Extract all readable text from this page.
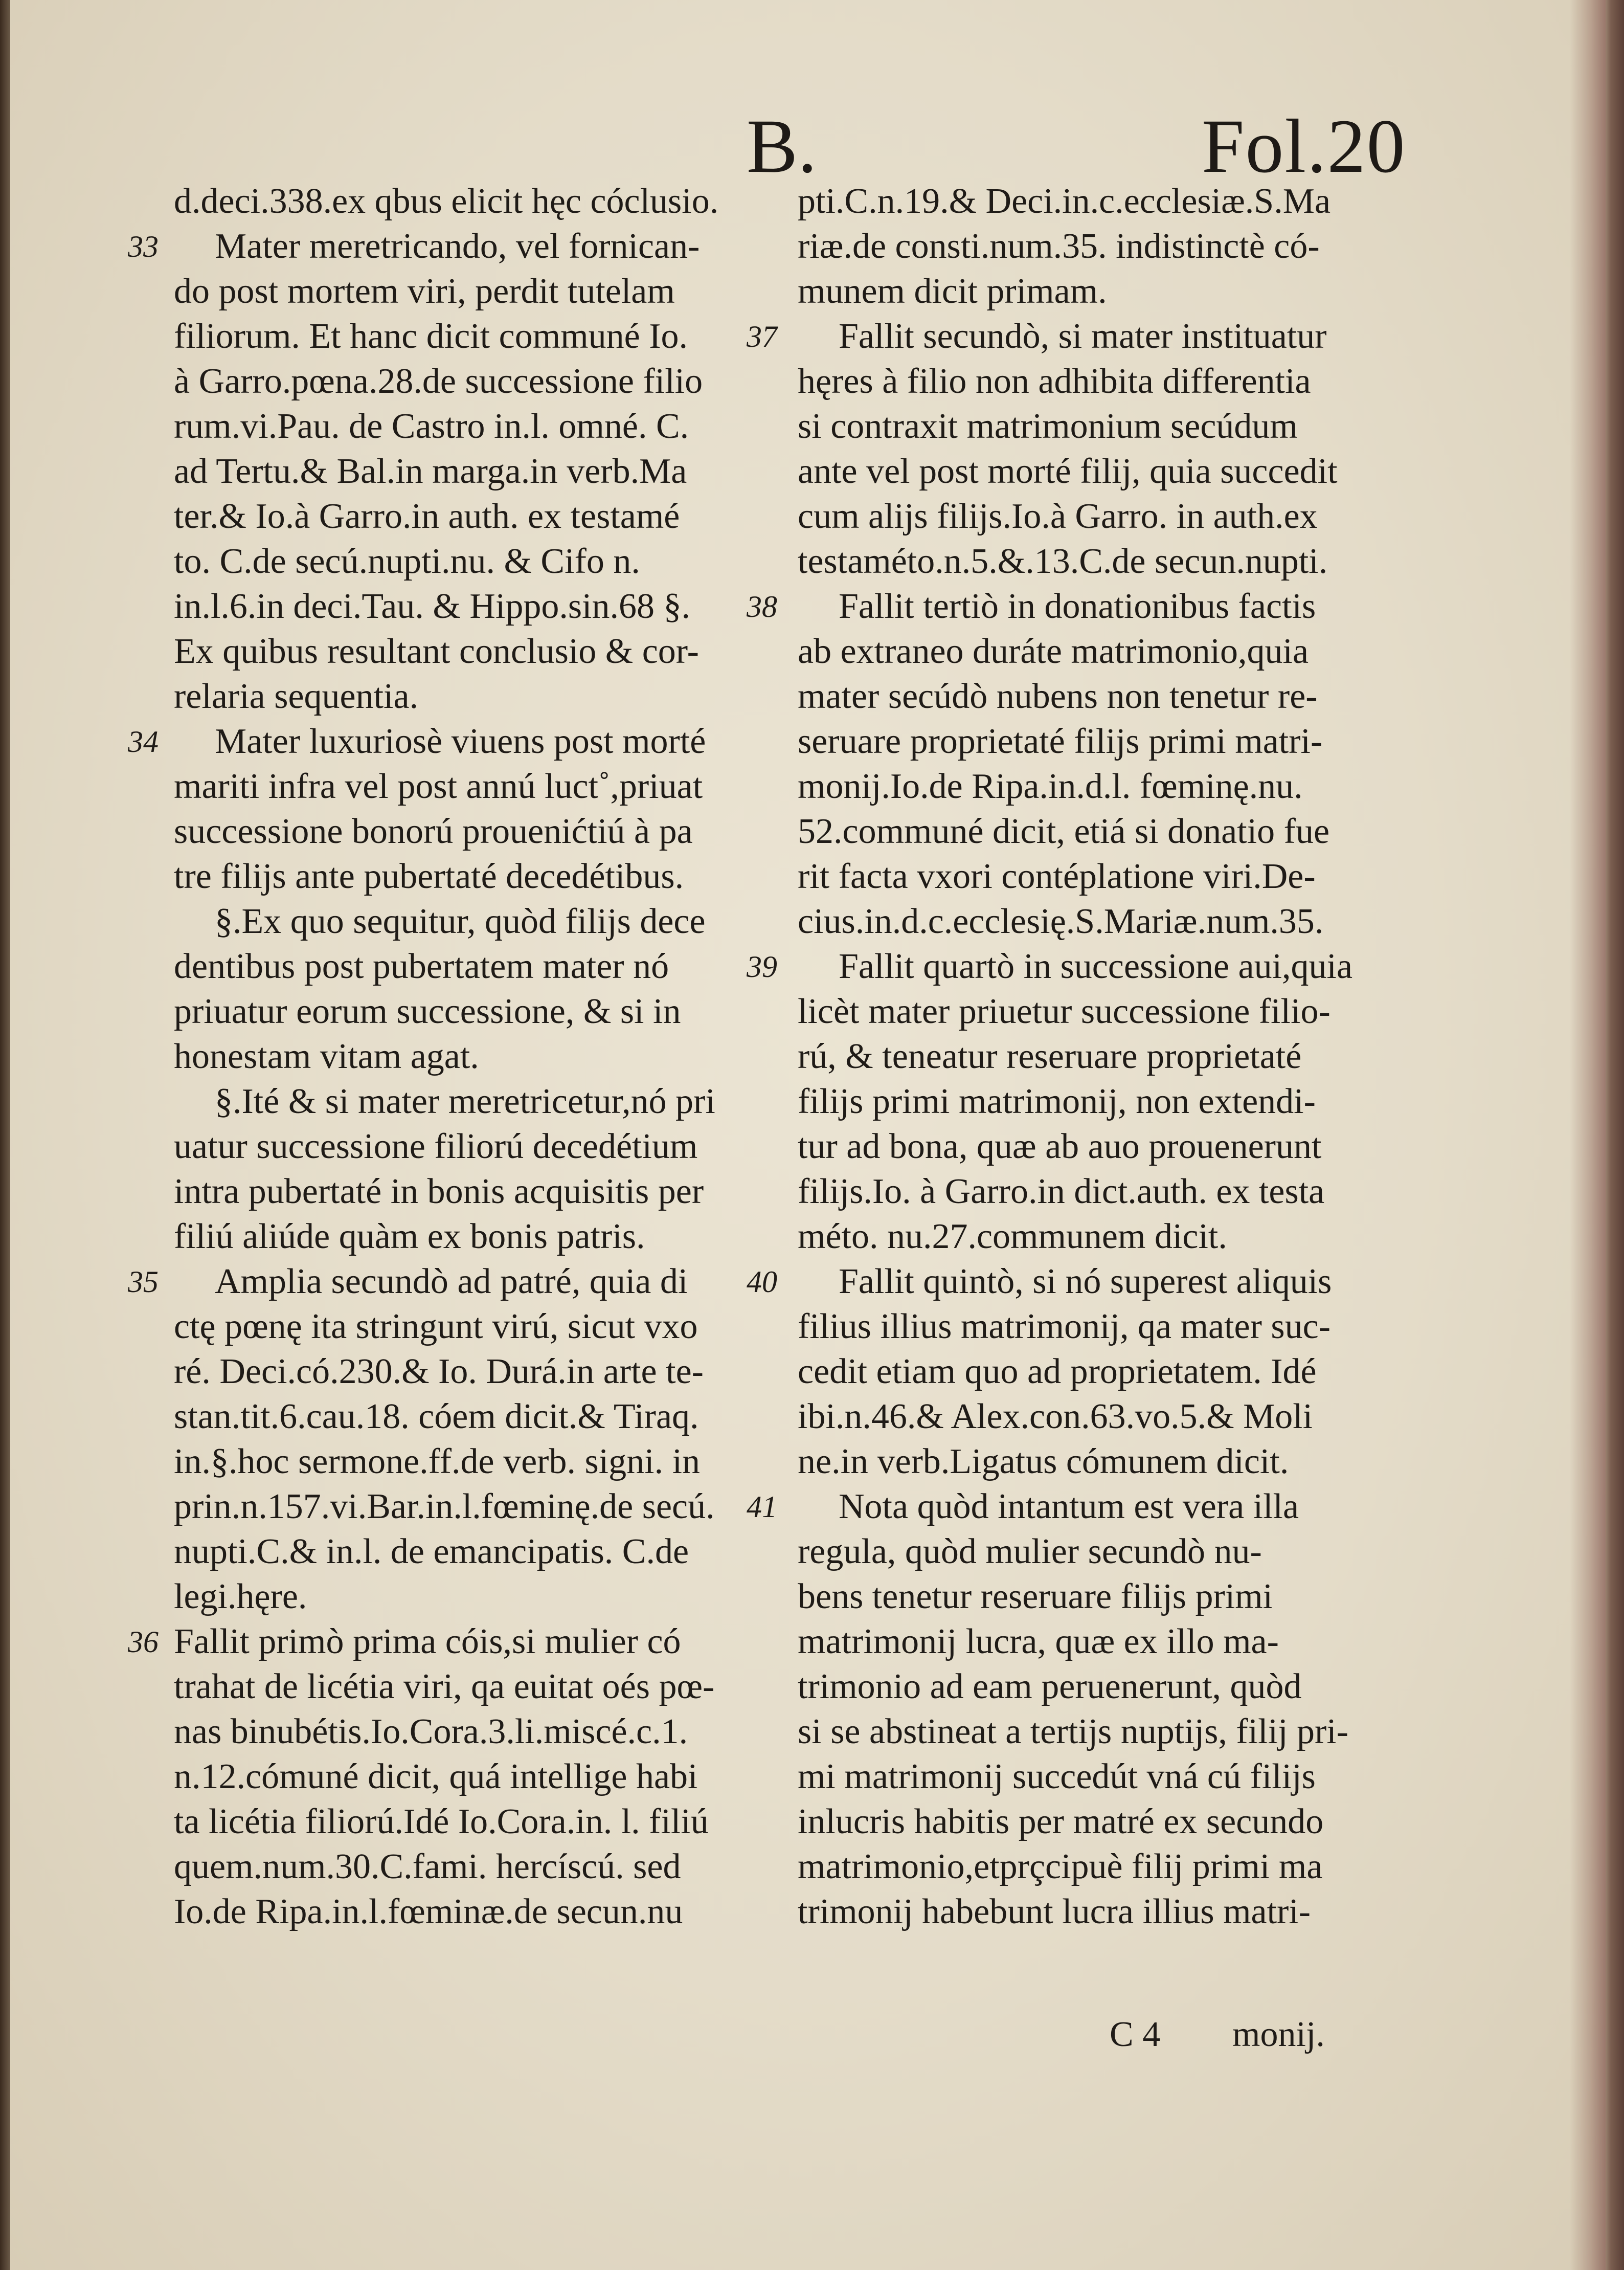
B.	Fol.20
d.deci.338.ex qbus elicit hęc cóclusio.
33 Mater meretricando, vel fornican-
do post mortem viri, perdit tutelam
filiorum. Et hanc dicit communé Io.
à Garro.pœna.28.de successione filio
rum.vi.Pau. de Castro in.l. omné. C.
ad Tertu.& Bal.in marga.in verb.Ma
ter.& Io.à Garro.in auth. ex testamé
to. C.de secú.nupti.nu. & Cifo n.
in.l.6.in deci.Tau. & Hippo.sin.68 §.
Ex quibus resultant conclusio & cor-
relaria sequentia.
34 Mater luxuriosè viuens post morté
mariti infra vel post annú luct˚,priuat
successione bonorú prouenićtiú à pa
tre filijs ante pubertaté decedétibus.
§.Ex quo sequitur, quòd filijs dece
dentibus post pubertatem mater nó
priuatur eorum successione, & si in
honestam vitam agat.
§.Ité & si mater meretricetur,nó pri
uatur successione filiorú decedétium
intra pubertaté in bonis acquisitis per
filiú aliúde quàm ex bonis patris.
35 Amplia secundò ad patré, quia di
ctę pœnę ita stringunt virú, sicut vxo
ré. Deci.có.230.& Io. Durá.in arte te-
stan.tit.6.cau.18. cóem dicit.& Tiraq.
in.§.hoc sermone.ff.de verb. signi. in
prin.n.157.vi.Bar.in.l.fœminę.de secú.
nupti.C.& in.l. de emancipatis. C.de
legi.hęre.
36 Fallit primò prima cóis,si mulier có
trahat de licétia viri, qa euitat oés pœ-
nas binubétis.Io.Cora.3.li.miscé.c.1.
n.12.cómuné dicit, quá intellige habi
ta licétia filiorú.Idé Io.Cora.in. l. filiú
quem.num.30.C.fami. hercíscú. sed
Io.de Ripa.in.l.fœminæ.de secun.nu
pti.C.n.19.& Deci.in.c.ecclesiæ.S.Ma
riæ.de consti.num.35. indistinctè có-
munem dicit primam.
37 Fallit secundò, si mater instituatur
hęres à filio non adhibita differentia
si contraxit matrimonium secúdum
ante vel post morté filij, quia succedit
cum alijs filijs.Io.à Garro. in auth.ex
testaméto.n.5.&.13.C.de secun.nupti.
38 Fallit tertiò in donationibus factis
ab extraneo duráte matrimonio,quia
mater secúdò nubens non tenetur re-
seruare proprietaté filijs primi matri-
monij.Io.de Ripa.in.d.l. fœminę.nu.
52.communé dicit, etiá si donatio fue
rit facta vxori contéplatione viri.De-
cius.in.d.c.ecclesię.S.Mariæ.num.35.
39 Fallit quartò in successione aui,quia
licèt mater priuetur successione filio-
rú, & teneatur reseruare proprietaté
filijs primi matrimonij, non extendi-
tur ad bona, quæ ab auo prouenerunt
filijs.Io. à Garro.in dict.auth. ex testa
méto. nu.27.communem dicit.
40 Fallit quintò, si nó superest aliquis
filius illius matrimonij, qa mater suc-
cedit etiam quo ad proprietatem. Idé
ibi.n.46.& Alex.con.63.vo.5.& Moli
ne.in verb.Ligatus cómunem dicit.
41 Nota quòd intantum est vera illa
regula, quòd mulier secundò nu-
bens tenetur reseruare filijs primi
matrimonij lucra, quæ ex illo ma-
trimonio ad eam peruenerunt, quòd
si se abstineat a tertijs nuptijs, filij pri-
mi matrimonij succedút vná cú filijs
inlucris habitis per matré ex secundo
matrimonio,etprçcipuè filij primi ma
trimonij habebunt lucra illius matri-
C 4 monij.
